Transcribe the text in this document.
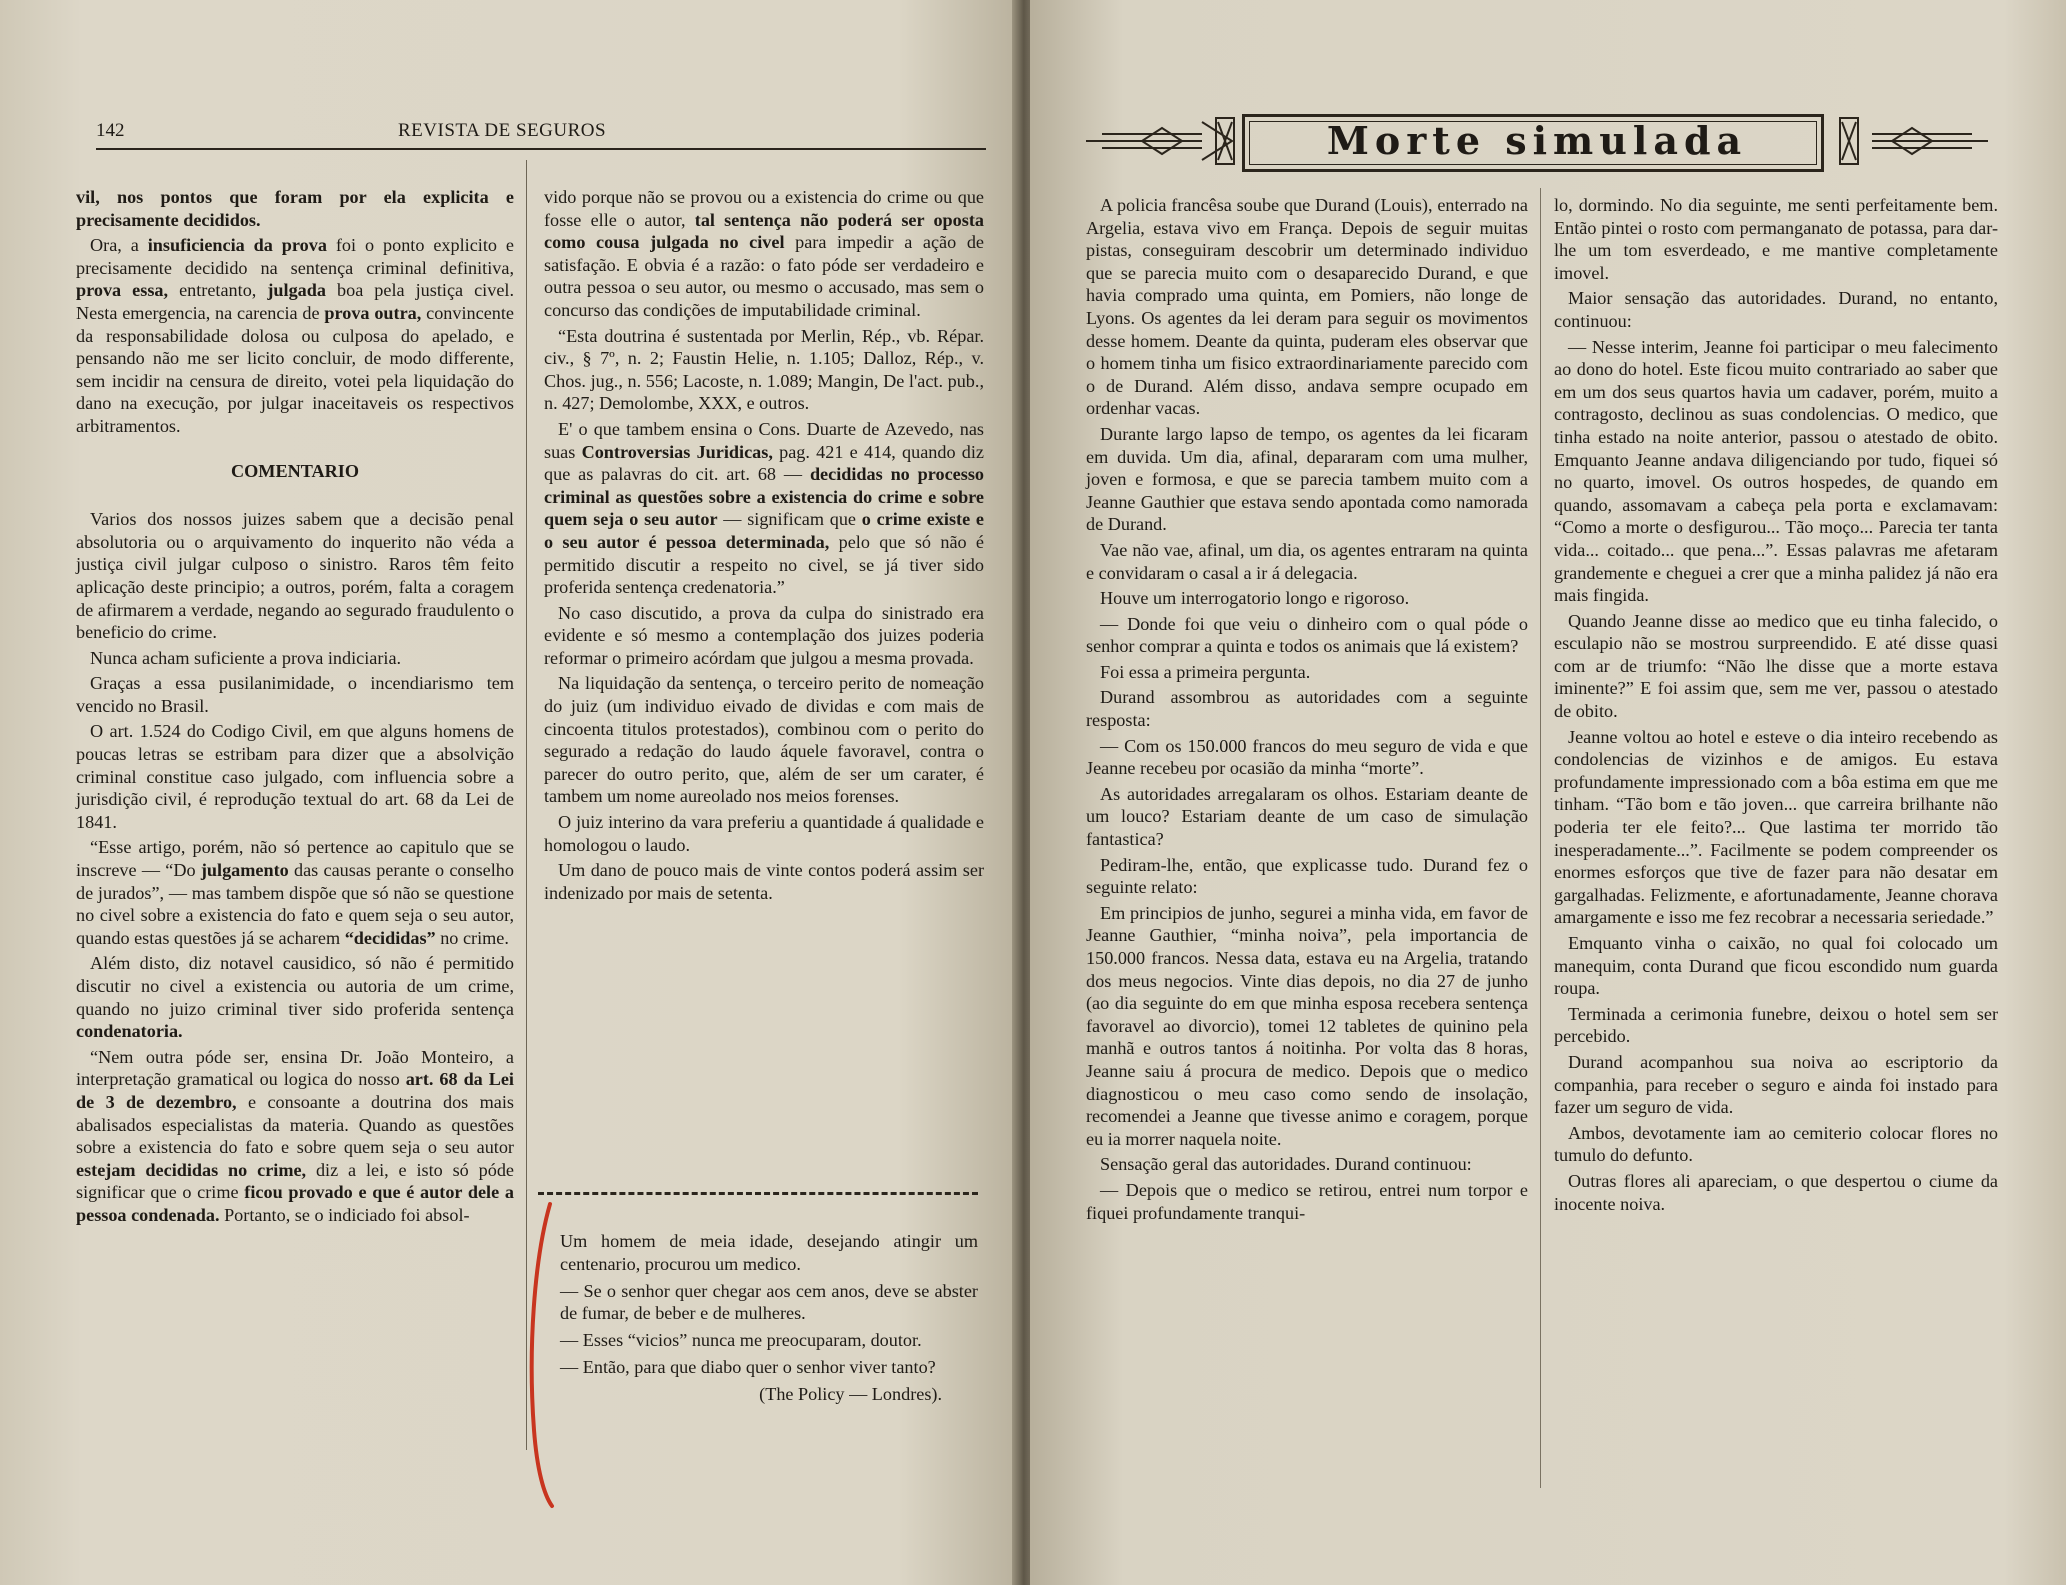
142	REVISTA DE SEGUROS

vil, nos pontos que foram por ela explicita e precisamente decididos.

Ora, a insuficiencia da prova foi o ponto explicito e precisamente decidido na sentença criminal definitiva, prova essa, entretanto, julgada boa pela justiça civel. Nesta emergencia, na carencia de prova outra, convincente da responsabilidade dolosa ou culposa do apelado, e pensando não me ser licito concluir, de modo differente, sem incidir na censura de direito, votei pela liquidação do dano na execução, por julgar inaceitaveis os respectivos arbitramentos.

COMENTARIO

Varios dos nossos juizes sabem que a decisão penal absolutoria ou o arquivamento do inquerito não véda a justiça civil julgar culposo o sinistro. Raros têm feito aplicação deste principio; a outros, porém, falta a coragem de afirmarem a verdade, negando ao segurado fraudulento o beneficio do crime.

Nunca acham suficiente a prova indiciaria.

Graças a essa pusilanimidade, o incendiarismo tem vencido no Brasil.

O art. 1.524 do Codigo Civil, em que alguns homens de poucas letras se estribam para dizer que a absolvição criminal constitue caso julgado, com influencia sobre a jurisdição civil, é reprodução textual do art. 68 da Lei de 1841.

“Esse artigo, porém, não só pertence ao capitulo que se inscreve — “Do julgamento das causas perante o conselho de jurados”, — mas tambem dispõe que só não se questione no civel sobre a existencia do fato e quem seja o seu autor, quando estas questões já se acharem “decididas” no crime.

Além disto, diz notavel causidico, só não é permitido discutir no civel a existencia ou autoria de um crime, quando no juizo criminal tiver sido proferida sentença condenatoria.

“Nem outra póde ser, ensina Dr. João Monteiro, a interpretação gramatical ou logica do nosso art. 68 da Lei de 3 de dezembro, e consoante a doutrina dos mais abalisados especialistas da materia. Quando as questões sobre a existencia do fato e sobre quem seja o seu autor estejam decididas no crime, diz a lei, e isto só póde significar que o crime ficou provado e que é autor dele a pessoa condenada. Portanto, se o indiciado foi absol-

vido porque não se provou ou a existencia do crime ou que fosse elle o autor, tal sentença não poderá ser oposta como cousa julgada no civel para impedir a ação de satisfação. E obvia é a razão: o fato póde ser verdadeiro e outra pessoa o seu autor, ou mesmo o accusado, mas sem o concurso das condições de imputabilidade criminal.

“Esta doutrina é sustentada por Merlin, Rép., vb. Répar. civ., § 7º, n. 2; Faustin Helie, n. 1.105; Dalloz, Rép., v. Chos. jug., n. 556; Lacoste, n. 1.089; Mangin, De l'act. pub., n. 427; Demolombe, XXX, e outros.

E' o que tambem ensina o Cons. Duarte de Azevedo, nas suas Controversias Juridicas, pag. 421 e 414, quando diz que as palavras do cit. art. 68 — decididas no processo criminal as questões sobre a existencia do crime e sobre quem seja o seu autor — significam que o crime existe e o seu autor é pessoa determinada, pelo que só não é permitido discutir a respeito no civel, se já tiver sido proferida sentença credenatoria.”

No caso discutido, a prova da culpa do sinistrado era evidente e só mesmo a contemplação dos juizes poderia reformar o primeiro acórdam que julgou a mesma provada.

Na liquidação da sentença, o terceiro perito de nomeação do juiz (um individuo eivado de dividas e com mais de cincoenta titulos protestados), combinou com o perito do segurado a redação do laudo áquele favoravel, contra o parecer do outro perito, que, além de ser um carater, é tambem um nome aureolado nos meios forenses.

O juiz interino da vara preferiu a quantidade á qualidade e homologou o laudo.

Um dano de pouco mais de vinte contos poderá assim ser indenizado por mais de setenta.

Um homem de meia idade, desejando atingir um centenario, procurou um medico.

— Se o senhor quer chegar aos cem anos, deve se abster de fumar, de beber e de mulheres.

— Esses “vicios” nunca me preocuparam, doutor.

— Então, para que diabo quer o senhor viver tanto?

(The Policy — Londres).

Morte simulada

A policia francêsa soube que Durand (Louis), enterrado na Argelia, estava vivo em França. Depois de seguir muitas pistas, conseguiram descobrir um determinado individuo que se parecia muito com o desaparecido Durand, e que havia comprado uma quinta, em Pomiers, não longe de Lyons. Os agentes da lei deram para seguir os movimentos desse homem. Deante da quinta, puderam eles observar que o homem tinha um fisico extraordinariamente parecido com o de Durand. Além disso, andava sempre ocupado em ordenhar vacas.

Durante largo lapso de tempo, os agentes da lei ficaram em duvida. Um dia, afinal, depararam com uma mulher, joven e formosa, e que se parecia tambem muito com a Jeanne Gauthier que estava sendo apontada como namorada de Durand.

Vae não vae, afinal, um dia, os agentes entraram na quinta e convidaram o casal a ir á delegacia.

Houve um interrogatorio longo e rigoroso.

— Donde foi que veiu o dinheiro com o qual póde o senhor comprar a quinta e todos os animais que lá existem?

Foi essa a primeira pergunta.

Durand assombrou as autoridades com a seguinte resposta:

— Com os 150.000 francos do meu seguro de vida e que Jeanne recebeu por ocasião da minha “morte”.

As autoridades arregalaram os olhos. Estariam deante de um louco? Estariam deante de um caso de simulação fantastica?

Pediram-lhe, então, que explicasse tudo. Durand fez o seguinte relato:

Em principios de junho, segurei a minha vida, em favor de Jeanne Gauthier, “minha noiva”, pela importancia de 150.000 francos. Nessa data, estava eu na Argelia, tratando dos meus negocios. Vinte dias depois, no dia 27 de junho (ao dia seguinte do em que minha esposa recebera sentença favoravel ao divorcio), tomei 12 tabletes de quinino pela manhã e outros tantos á noitinha. Por volta das 8 horas, Jeanne saiu á procura de medico. Depois que o medico diagnosticou o meu caso como sendo de insolação, recomendei a Jeanne que tivesse animo e coragem, porque eu ia morrer naquela noite.

Sensação geral das autoridades. Durand continuou:

— Depois que o medico se retirou, entrei num torpor e fiquei profundamente tranqui-

lo, dormindo. No dia seguinte, me senti perfeitamente bem. Então pintei o rosto com permanganato de potassa, para dar-lhe um tom esverdeado, e me mantive completamente imovel.

Maior sensação das autoridades. Durand, no entanto, continuou:

— Nesse interim, Jeanne foi participar o meu falecimento ao dono do hotel. Este ficou muito contrariado ao saber que em um dos seus quartos havia um cadaver, porém, muito a contragosto, declinou as suas condolencias. O medico, que tinha estado na noite anterior, passou o atestado de obito. Emquanto Jeanne andava diligenciando por tudo, fiquei só no quarto, imovel. Os outros hospedes, de quando em quando, assomavam a cabeça pela porta e exclamavam: “Como a morte o desfigurou... Tão moço... Parecia ter tanta vida... coitado... que pena...”. Essas palavras me afetaram grandemente e cheguei a crer que a minha palidez já não era mais fingida.

Quando Jeanne disse ao medico que eu tinha falecido, o esculapio não se mostrou surpreendido. E até disse quasi com ar de triumfo: “Não lhe disse que a morte estava iminente?” E foi assim que, sem me ver, passou o atestado de obito.

Jeanne voltou ao hotel e esteve o dia inteiro recebendo as condolencias de vizinhos e de amigos. Eu estava profundamente impressionado com a bôa estima em que me tinham. “Tão bom e tão joven... que carreira brilhante não poderia ter ele feito?... Que lastima ter morrido tão inesperadamente...”. Facilmente se podem compreender os enormes esforços que tive de fazer para não desatar em gargalhadas. Felizmente, e afortunadamente, Jeanne chorava amargamente e isso me fez recobrar a necessaria seriedade.”

Emquanto vinha o caixão, no qual foi colocado um manequim, conta Durand que ficou escondido num guarda roupa.

Terminada a cerimonia funebre, deixou o hotel sem ser percebido.

Durand acompanhou sua noiva ao escriptorio da companhia, para receber o seguro e ainda foi instado para fazer um seguro de vida.

Ambos, devotamente iam ao cemiterio colocar flores no tumulo do defunto.

Outras flores ali apareciam, o que despertou o ciume da inocente noiva.
